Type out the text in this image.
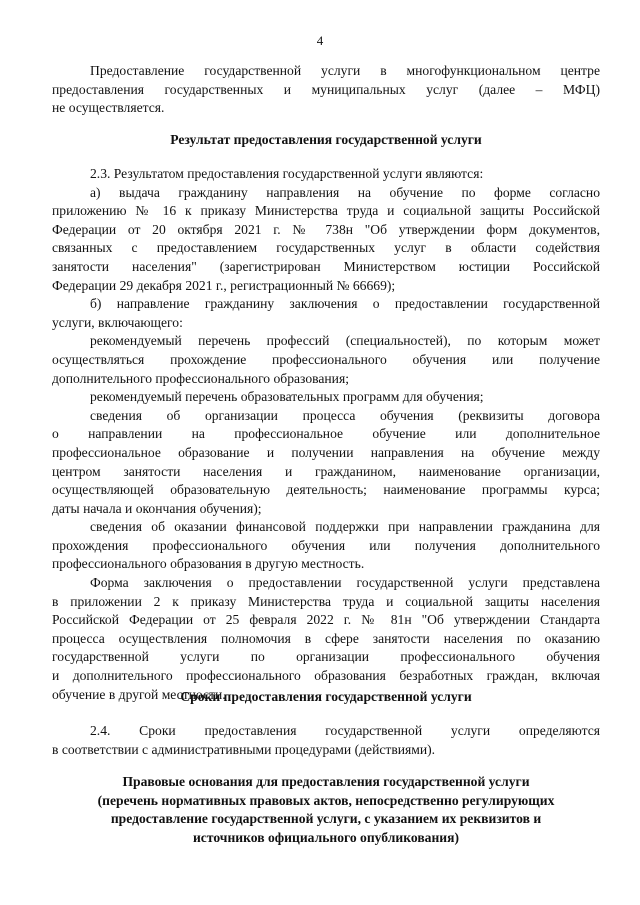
4
Предоставление государственной услуги в многофункциональном центре
предоставления государственных и муниципальных услуг (далее – МФЦ)
не осуществляется.
Результат предоставления государственной услуги
2.3. Результатом предоставления государственной услуги являются:
а) выдача гражданину направления на обучение по форме согласно
приложению № 16 к приказу Министерства труда и социальной защиты Российской
Федерации от 20 октября 2021 г. № 738н "Об утверждении форм документов,
связанных с предоставлением государственных услуг в области содействия
занятости населения" (зарегистрирован Министерством юстиции Российской
Федерации 29 декабря 2021 г., регистрационный № 66669);
б) направление гражданину заключения о предоставлении государственной
услуги, включающего:
рекомендуемый перечень профессий (специальностей), по которым может
осуществляться прохождение профессионального обучения или получение
дополнительного профессионального образования;
рекомендуемый перечень образовательных программ для обучения;
сведения об организации процесса обучения (реквизиты договора
о направлении на профессиональное обучение или дополнительное
профессиональное образование и получении направления на обучение между
центром занятости населения и гражданином, наименование организации,
осуществляющей образовательную деятельность; наименование программы курса;
даты начала и окончания обучения);
сведения об оказании финансовой поддержки при направлении гражданина для
прохождения профессионального обучения или получения дополнительного
профессионального образования в другую местность.
Форма заключения о предоставлении государственной услуги представлена
в приложении 2 к приказу Министерства труда и социальной защиты населения
Российской Федерации от 25 февраля 2022 г. № 81н "Об утверждении Стандарта
процесса осуществления полномочия в сфере занятости населения по оказанию
государственной услуги по организации профессионального обучения
и дополнительного профессионального образования безработных граждан, включая
обучение в другой местности.
Сроки предоставления государственной услуги
2.4. Сроки предоставления государственной услуги определяются
в соответствии с административными процедурами (действиями).
Правовые основания для предоставления государственной услуги
(перечень нормативных правовых актов, непосредственно регулирующих
предоставление государственной услуги, с указанием их реквизитов и
источников официального опубликования)
